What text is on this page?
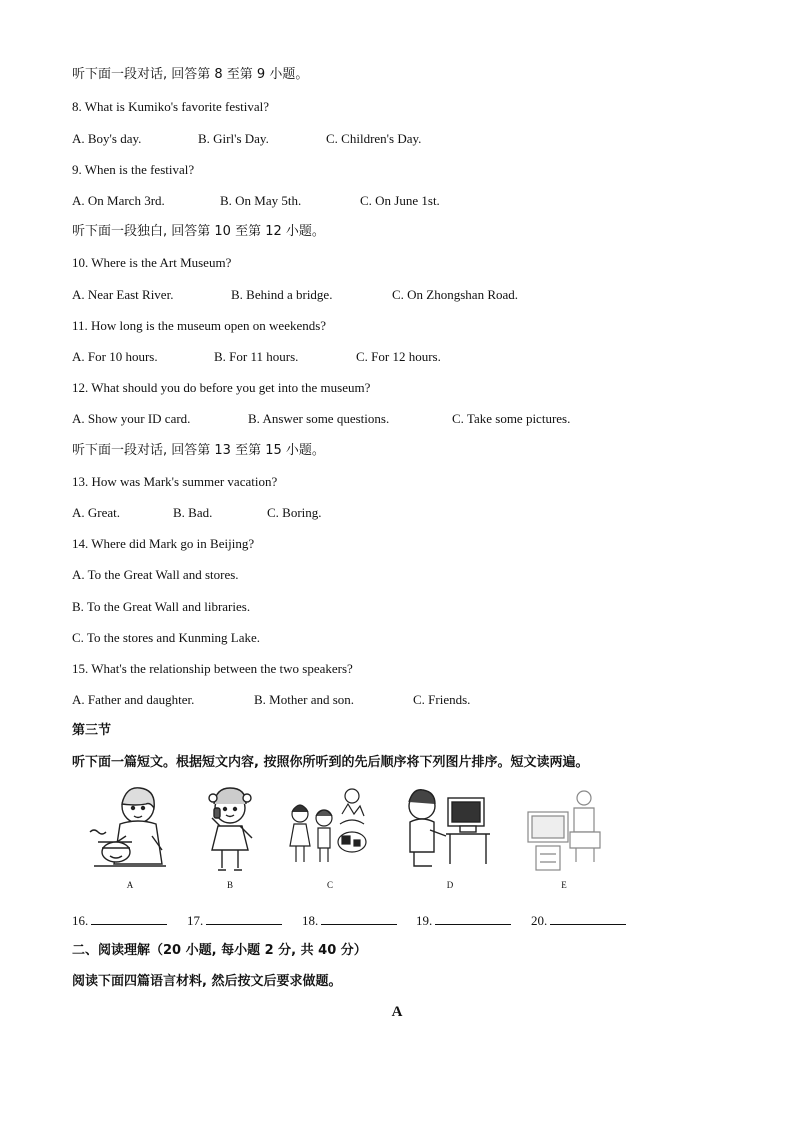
听下面一段对话, 回答第 8 至第 9 小题。
8. What is Kumiko's favorite festival?
A. Boy's day.	B. Girl's Day.	C. Children's Day.
9. When is the festival?
A. On March 3rd.	B. On May 5th.	C. On June 1st.
听下面一段独白, 回答第 10 至第 12 小题。
10. Where is the Art Museum?
A. Near East River.	B. Behind a bridge.	C. On Zhongshan Road.
11. How long is the museum open on weekends?
A. For 10 hours.	B. For 11 hours.	C. For 12 hours.
12. What should you do before you get into the museum?
A. Show your ID card.	B. Answer some questions.	C. Take some pictures.
听下面一段对话, 回答第 13 至第 15 小题。
13. How was Mark's summer vacation?
A. Great.	B. Bad.	C. Boring.
14. Where did Mark go in Beijing?
A. To the Great Wall and stores.
B. To the Great Wall and libraries.
C. To the stores and Kunming Lake.
15. What's the relationship between the two speakers?
A. Father and daughter.	B. Mother and son.	C. Friends.
第三节
听下面一篇短文。根据短文内容, 按照你所听到的先后顺序将下列图片排序。短文读两遍。
A	B	C	D	E
16.	17.	18.	19.	20.
二、阅读理解（20 小题, 每小题 2 分, 共 40 分）
阅读下面四篇语言材料, 然后按文后要求做题。
A
